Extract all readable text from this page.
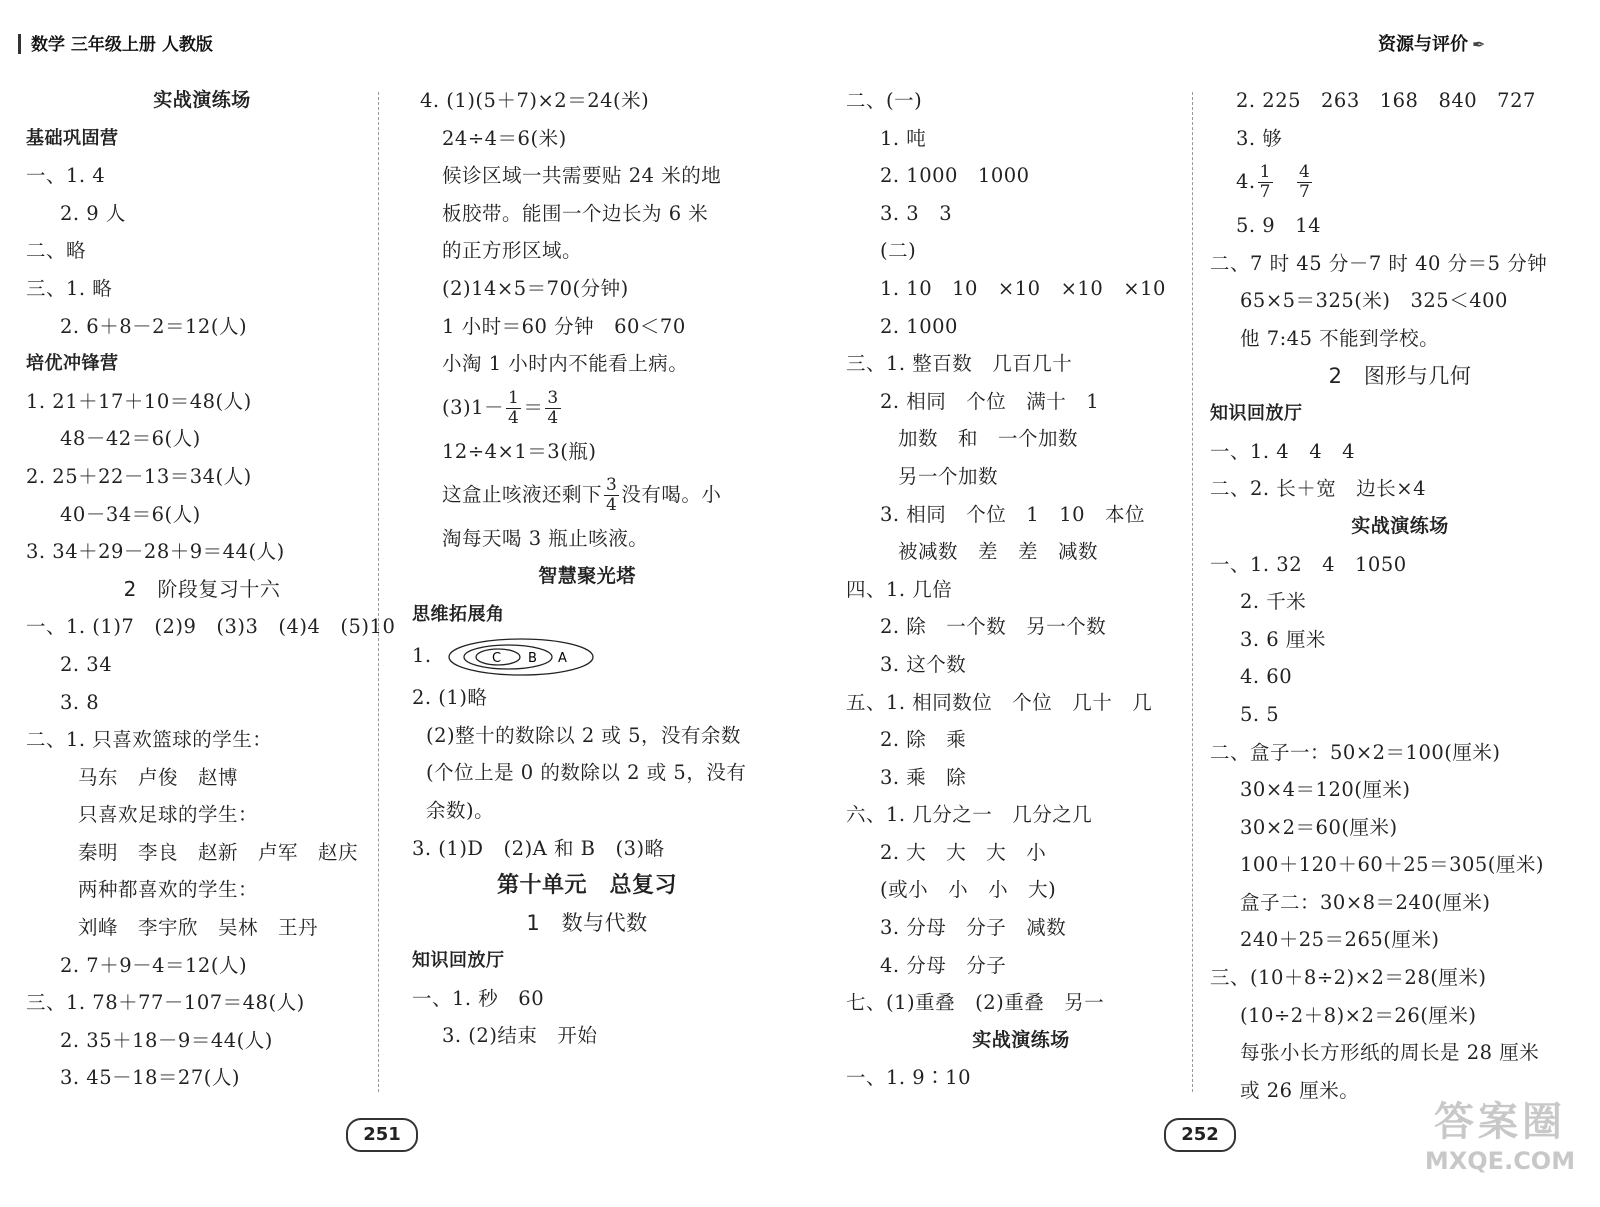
数学 三年级上册 人教版	资源与评价 ✒
实战演练场
基础巩固营
一、1. 4
2. 9 人
二、略
三、1. 略
2. 6＋8－2＝12(人)
培优冲锋营
1. 21＋17＋10＝48(人)
48－42＝6(人)
2. 25＋22－13＝34(人)
40－34＝6(人)
3. 34＋29－28＋9＝44(人)
2　阶段复习十六
一、1. (1)7　(2)9　(3)3　(4)4　(5)10
2. 34
3. 8
二、1. 只喜欢篮球的学生：
马东　卢俊　赵博
只喜欢足球的学生：
秦明　李良　赵新　卢军　赵庆
两种都喜欢的学生：
刘峰　李宇欣　吴林　王丹
2. 7＋9－4＝12(人)
三、1. 78＋77－107＝48(人)
2. 35＋18－9＝44(人)
3. 45－18＝27(人)
4. (1)(5＋7)×2＝24(米)
24÷4＝6(米)
候诊区域一共需要贴 24 米的地
板胶带。能围一个边长为 6 米
的正方形区域。
(2)14×5＝70(分钟)
1 小时＝60 分钟　60＜70
小淘 1 小时内不能看上病。
$(3)1- \frac{1}{4} = \frac{3}{4}$
12÷4×1＝3(瓶)
这盒止咳液还剩下 $\frac{3}{4}$ 没有喝。小
淘每天喝 3 瓶止咳液。
智慧聚光塔
思维拓展角
1.	C B A
2. (1)略
(2)整十的数除以 2 或 5，没有余数
(个位上是 0 的数除以 2 或 5，没有
余数)。
3. (1)D　(2)A 和 B　(3)略
第十单元　总复习
1　数与代数
知识回放厅
一、1. 秒　60
3. (2)结束　开始
二、(一)
1. 吨
2. 1000　1000
3. 3　3
(二)
1. 10　10　×10　×10　×10
2. 1000
三、1. 整百数　几百几十
2. 相同　个位　满十　1
加数　和　一个加数
另一个加数
3. 相同　个位　1　10　本位
被减数　差　差　减数
四、1. 几倍
2. 除　一个数　另一个数
3. 这个数
五、1. 相同数位　个位　几十　几
2. 除　乘
3. 乘　除
六、1. 几分之一　几分之几
2. 大　大　大　小
(或小　小　小　大)
3. 分母　分子　减数
4. 分母　分子
七、(1)重叠　(2)重叠　另一
实战演练场
一、1. 9∶10
2. 225　263　168　840　727
3. 够
4. $\frac{1}{7}$
$\frac{4}{7}$
5. 9　14
二、7 时 45 分－7 时 40 分＝5 分钟
65×5＝325(米)　325＜400
他 7:45 不能到学校。
2　图形与几何
知识回放厅
一、1. 4　4　4
二、2. 长＋宽　边长×4
实战演练场
一、1. 32　4　1050
2. 千米
3. 6 厘米
4. 60
5. 5
二、盒子一：50×2＝100(厘米)
30×4＝120(厘米)
30×2＝60(厘米)
100＋120＋60＋25＝305(厘米)
盒子二：30×8＝240(厘米)
240＋25＝265(厘米)
三、(10＋8÷2)×2＝28(厘米)
(10÷2＋8)×2＝26(厘米)
每张小长方形纸的周长是 28 厘米
或 26 厘米。
251	252	答案圈
MXQE.COM
